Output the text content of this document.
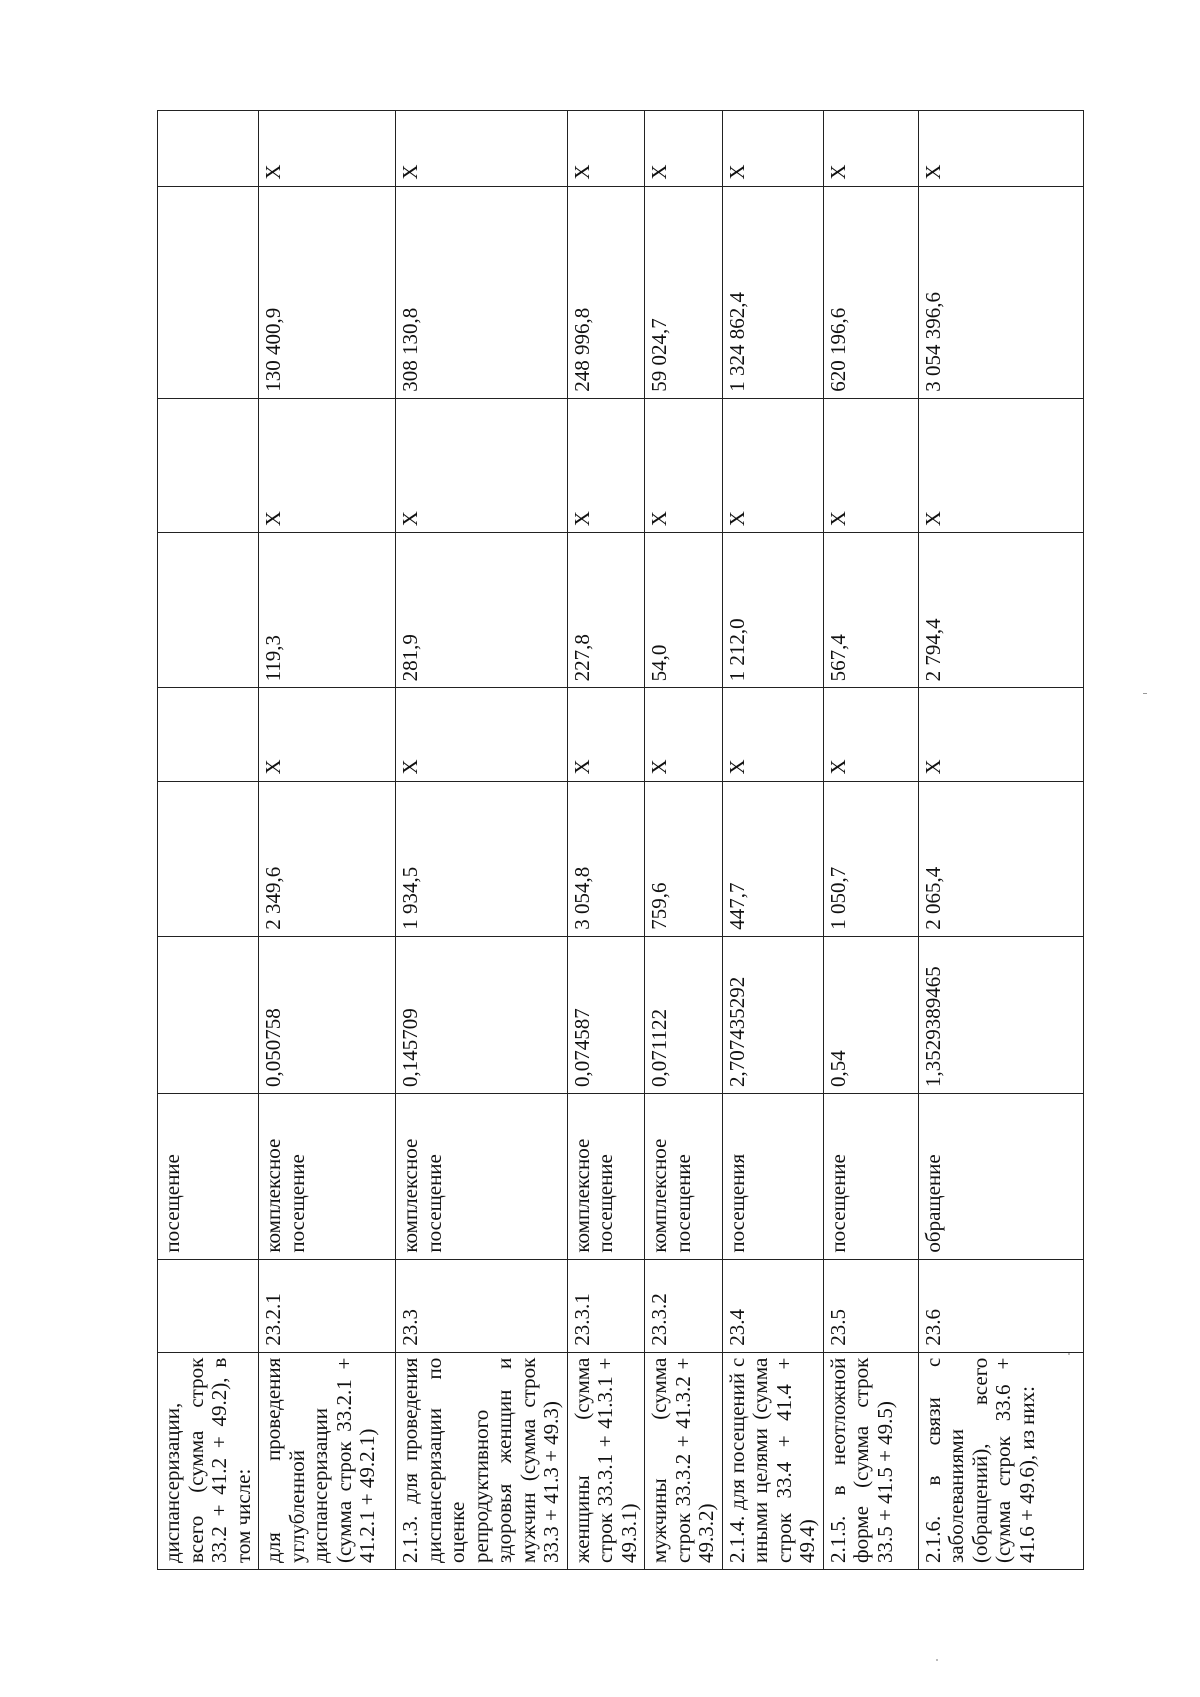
диспансеризации, всего (сумма строк 33.2 + 41.2 + 49.2), в том числе:		посещение							
для проведения углубленной диспансеризации (сумма строк 33.2.1 + 41.2.1 + 49.2.1)	23.2.1	комплексное посещение	0,050758	2 349,6	X	119,3	X	130 400,9	X
2.1.3. для проведения диспансеризации по оценке репродуктивного здоровья женщин и мужчин (сумма строк 33.3 + 41.3 + 49.3)	23.3	комплексное посещение	0,145709	1 934,5	X	281,9	X	308 130,8	X
женщины (сумма строк 33.3.1 + 41.3.1 + 49.3.1)	23.3.1	комплексное посещение	0,074587	3 054,8	X	227,8	X	248 996,8	X
мужчины (сумма строк 33.3.2 + 41.3.2 + 49.3.2)	23.3.2	комплексное посещение	0,071122	759,6	X	54,0	X	59 024,7	X
2.1.4. для посещений с иными целями (сумма строк 33.4 + 41.4 + 49.4)	23.4	посещения	2,707435292	447,7	X	1 212,0	X	1 324 862,4	X
2.1.5. в неотложной форме (сумма строк 33.5 + 41.5 + 49.5)	23.5	посещение	0,54	1 050,7	X	567,4	X	620 196,6	X
2.1.6. в связи с заболеваниями (обращений), всего (сумма строк 33.6 + 41.6 + 49.6), из них:	23.6	обращение	1,3529389465	2 065,4	X	2 794,4	X	3 054 396,6	X
